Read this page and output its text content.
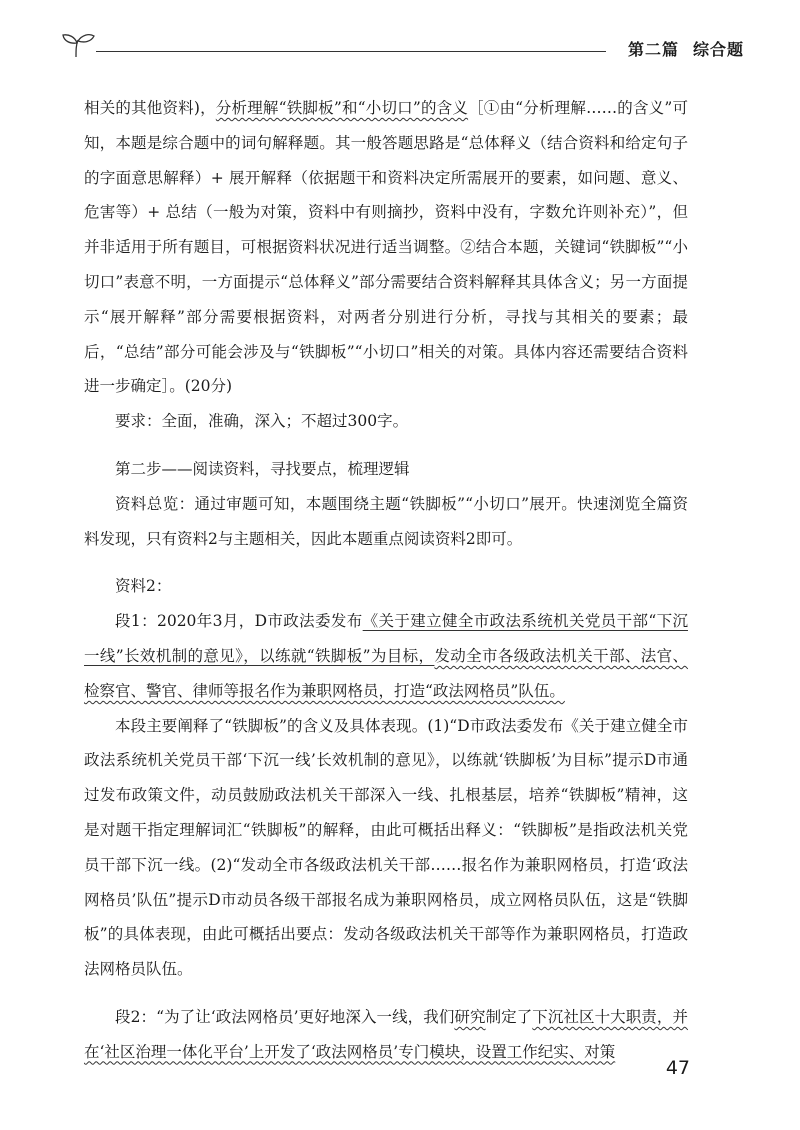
第二篇 综合题

相关的其他资料)，分析理解“铁脚板”和“小切口”的含义［①由“分析理解……的含义”可知，本题是综合题中的词句解释题。其一般答题思路是“总体释义（结合资料和给定句子的字面意思解释）+ 展开解释（依据题干和资料决定所需展开的要素，如问题、意义、危害等）+ 总结（一般为对策，资料中有则摘抄，资料中没有，字数允许则补充）”，但并非适用于所有题目，可根据资料状况进行适当调整。②结合本题，关键词“铁脚板”“小切口”表意不明，一方面提示“总体释义”部分需要结合资料解释其具体含义；另一方面提示“展开解释”部分需要根据资料，对两者分别进行分析，寻找与其相关的要素；最后，“总结”部分可能会涉及与“铁脚板”“小切口”相关的对策。具体内容还需要结合资料进一步确定］。(20分)

要求：全面，准确，深入；不超过300字。

第二步——阅读资料，寻找要点，梳理逻辑

资料总览：通过审题可知，本题围绕主题“铁脚板”“小切口”展开。快速浏览全篇资料发现，只有资料2与主题相关，因此本题重点阅读资料2即可。

资料2：

段1：2020年3月，D市政法委发布《关于建立健全市政法系统机关党员干部“下沉一线”长效机制的意见》，以练就“铁脚板”为目标，发动全市各级政法机关干部、法官、检察官、警官、律师等报名作为兼职网格员，打造“政法网格员”队伍。

本段主要阐释了“铁脚板”的含义及具体表现。(1)“D市政法委发布《关于建立健全市政法系统机关党员干部‘下沉一线’长效机制的意见》，以练就‘铁脚板’为目标”提示D市通过发布政策文件，动员鼓励政法机关干部深入一线、扎根基层，培养“铁脚板”精神，这是对题干指定理解词汇“铁脚板”的解释，由此可概括出释义：“铁脚板”是指政法机关党员干部下沉一线。(2)“发动全市各级政法机关干部……报名作为兼职网格员，打造‘政法网格员’队伍”提示D市动员各级干部报名成为兼职网格员，成立网格员队伍，这是“铁脚板”的具体表现，由此可概括出要点：发动各级政法机关干部等作为兼职网格员，打造政法网格员队伍。

段2：“为了让‘政法网格员’更好地深入一线，我们研究制定了下沉社区十大职责，并在‘社区治理一体化平台’上开发了‘政法网格员’专门模块，设置工作纪实、对策

47
